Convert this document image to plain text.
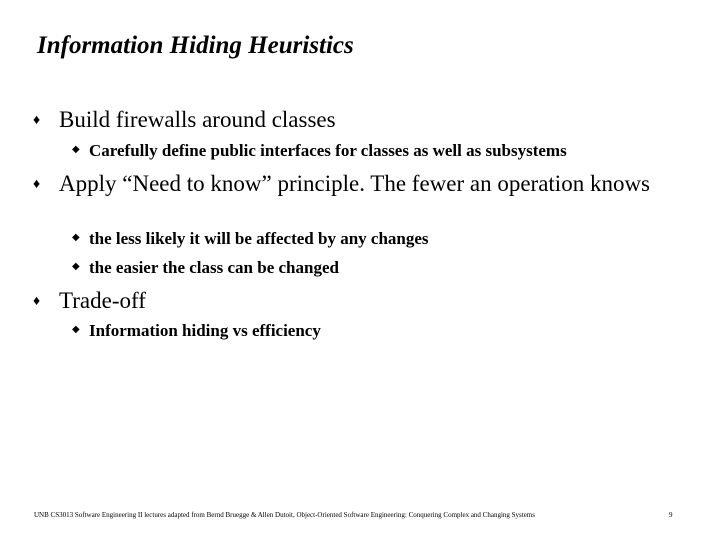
Information Hiding Heuristics
♦ Build firewalls around classes
◆ Carefully define public interfaces for classes as well as subsystems
♦ Apply “Need to know” principle. The fewer an operation knows
◆ the less likely it will be affected by any changes
◆ the easier the class can be changed
♦ Trade-off
◆ Information hiding vs efficiency
UNB CS3013 Software Engineering II lectures adapted from Bernd Bruegge & Allen Dutoit, Object-Oriented Software Engineering: Conquering Complex and Changing Systems	9
